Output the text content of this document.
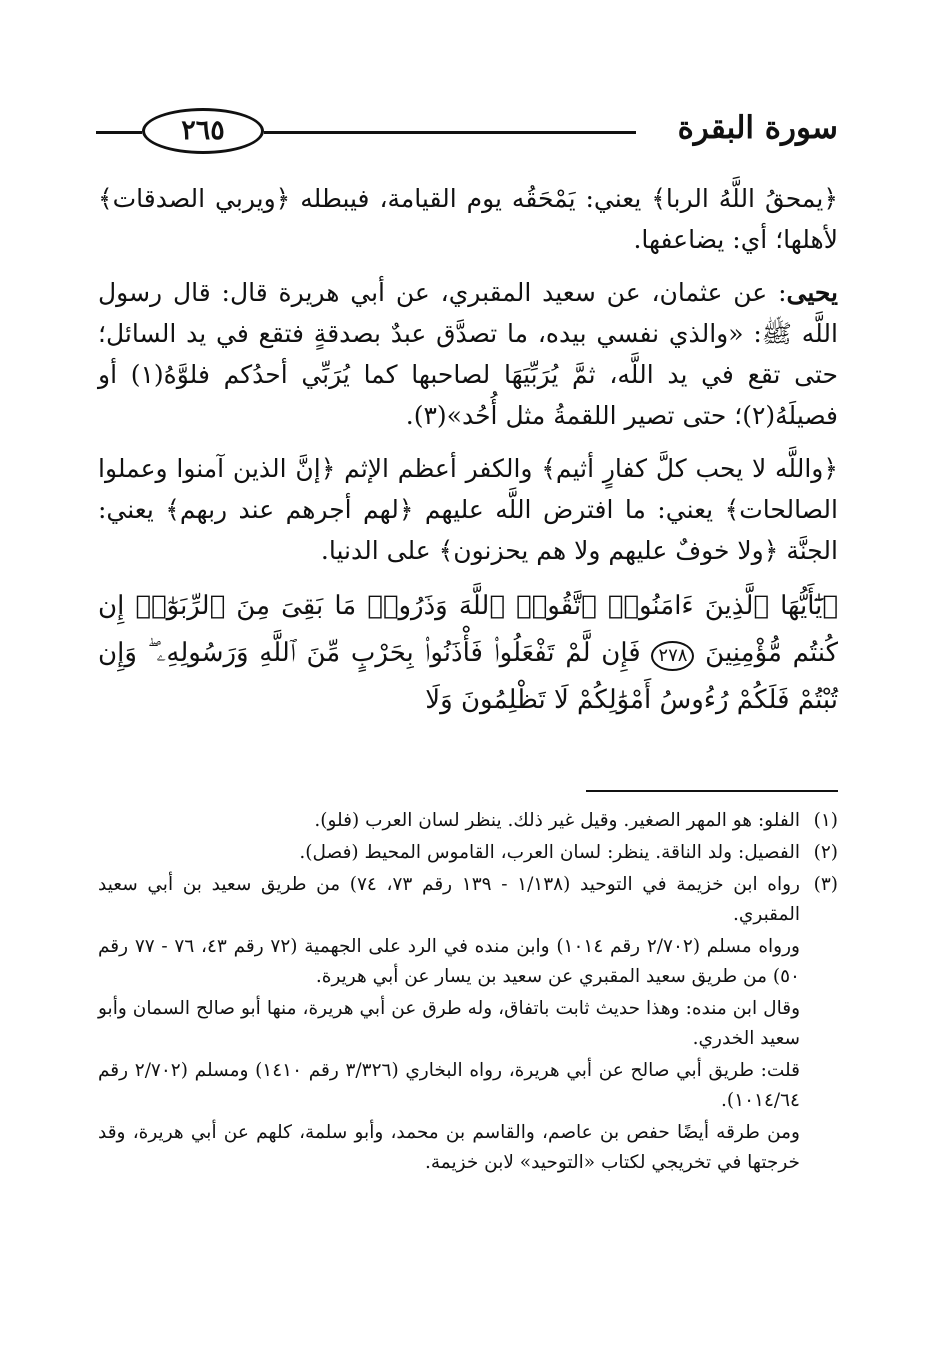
٢٦٥	سورة البقرة

﴿يمحقُ اللَّهُ الربا﴾ يعني: يَمْحَقُه يوم القيامة، فيبطله ﴿ويربي الصدقات﴾ لأهلها؛ أي: يضاعفها.

يحيى: عن عثمان، عن سعيد المقبري، عن أبي هريرة قال: قال رسول اللَّه ﷺ: «والذي نفسي بيده، ما تصدَّق عبدٌ بصدقةٍ فتقع في يد السائل؛ حتى تقع في يد اللَّه، ثمَّ يُرَبِّيَهَا لصاحبها كما يُرَبِّي أحدُكم فلوَّهُ(١) أو فصيلَهُ(٢)؛ حتى تصير اللقمةُ مثل أُحُد»(٣).

﴿واللَّه لا يحب كلَّ كفارٍ أثيم﴾ والكفر أعظم الإثم ﴿إنَّ الذين آمنوا وعملوا الصالحات﴾ يعني: ما افترض اللَّه عليهم ﴿لهم أجرهم عند ربهم﴾ يعني: الجنَّة ﴿ولا خوفٌ عليهم ولا هم يحزنون﴾ على الدنيا.

﴿يَٰٓأَيُّهَا ٱلَّذِينَ ءَامَنُوا۟ ٱتَّقُوا۟ ٱللَّهَ وَذَرُوا۟ مَا بَقِىَ مِنَ ٱلرِّبَوٰٓا۟ إِن كُنتُم مُّؤْمِنِينَ ٢٧٨ فَإِن لَّمْ تَفْعَلُوا۟ فَأْذَنُوا۟ بِحَرْبٍ مِّنَ ٱللَّهِ وَرَسُولِهِۦ ۖ وَإِن تُبْتُمْ فَلَكُمْ رُءُوسُ أَمْوَٰلِكُمْ لَا تَظْلِمُونَ وَلَا

(١)
الفلو: هو المهر الصغير. وقيل غير ذلك. ينظر لسان العرب (فلو).
(٢)
الفصيل: ولد الناقة. ينظر: لسان العرب، القاموس المحيط (فصل).
(٣)
رواه ابن خزيمة في التوحيد (١/١٣٨ - ١٣٩ رقم ٧٣، ٧٤) من طريق سعيد بن أبي سعيد المقبري.
ورواه مسلم (٢/٧٠٢ رقم ١٠١٤) وابن منده في الرد على الجهمية (٧٢ رقم ٤٣، ٧٦ - ٧٧ رقم ٥٠) من طريق سعيد المقبري عن سعيد بن يسار عن أبي هريرة.
وقال ابن منده: وهذا حديث ثابت باتفاق، وله طرق عن أبي هريرة، منها أبو صالح السمان وأبو سعيد الخدري.
قلت: طريق أبي صالح عن أبي هريرة، رواه البخاري (٣/٣٢٦ رقم ١٤١٠) ومسلم (٢/٧٠٢ رقم ١٠١٤/٦٤).
ومن طرقه أيضًا حفص بن عاصم، والقاسم بن محمد، وأبو سلمة، كلهم عن أبي هريرة، وقد خرجتها في تخريجي لكتاب «التوحيد» لابن خزيمة.
